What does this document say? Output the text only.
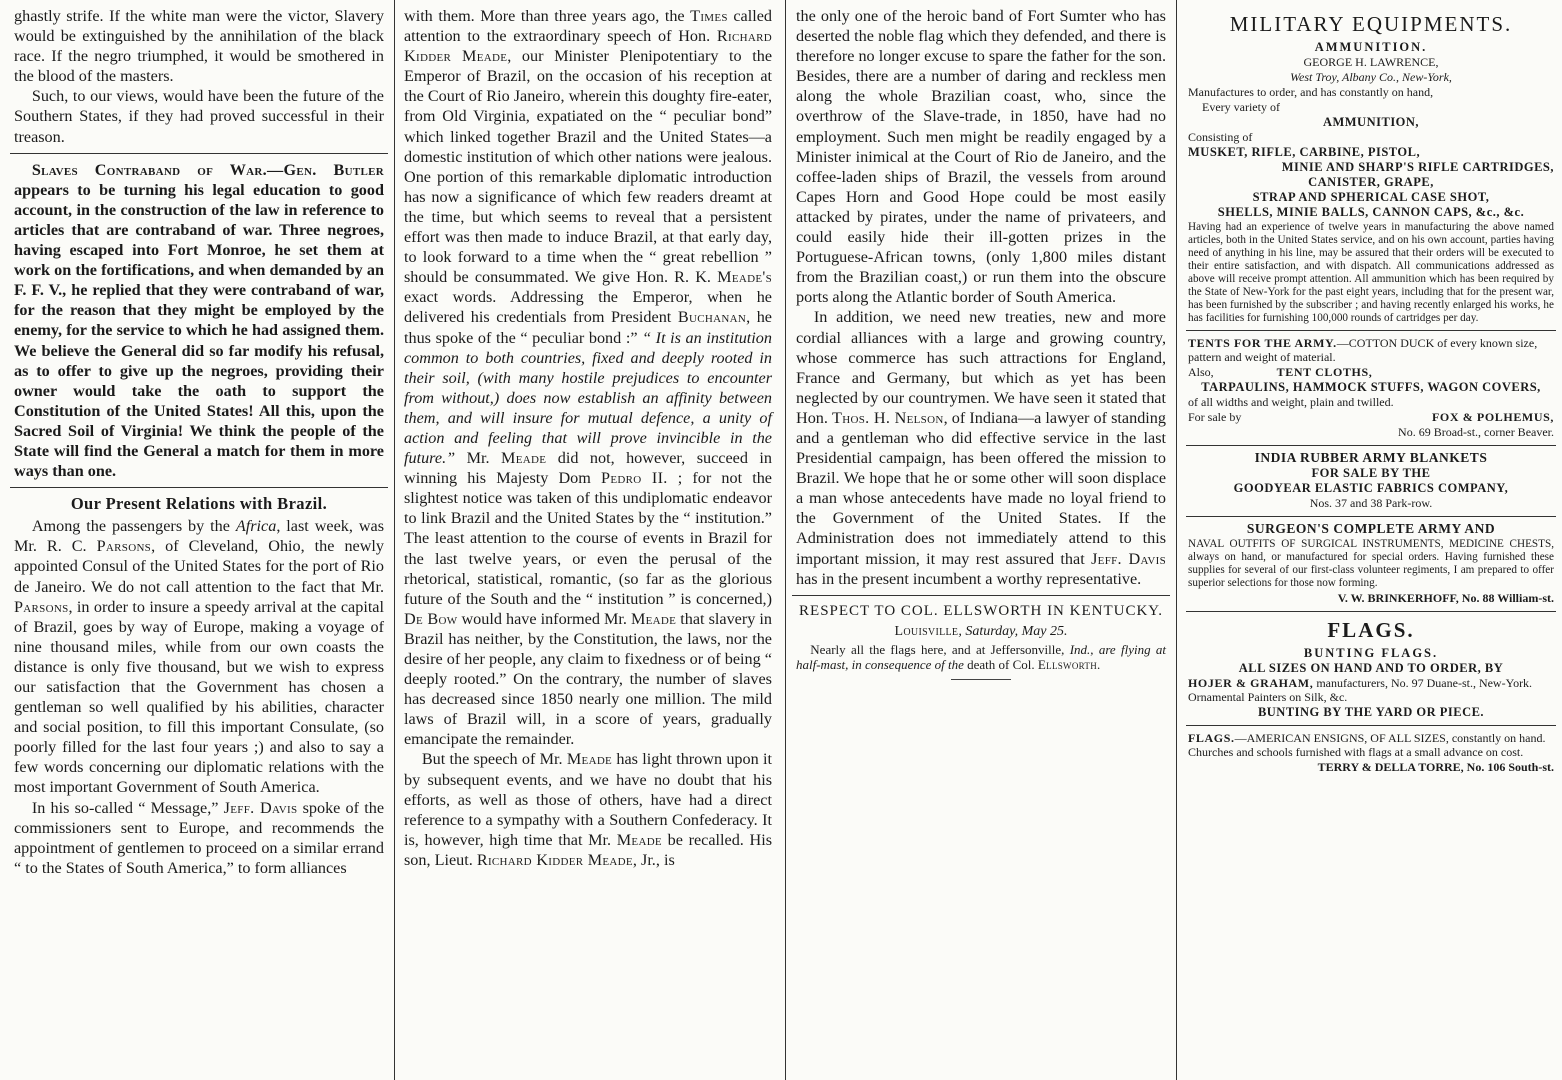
ghastly strife. If the white man were the victor, Slavery would be extinguished by the annihilation of the black race. If the negro triumphed, it would be smothered in the blood of the masters.

Such, to our views, would have been the future of the Southern States, if they had proved successful in their treason.

Slaves Contraband of War.—Gen. Butler appears to be turning his legal education to good account, in the construction of the law in reference to articles that are contraband of war. Three negroes, having escaped into Fort Monroe, he set them at work on the fortifications, and when demanded by an F. F. V., he replied that they were contraband of war, for the reason that they might be employed by the enemy, for the service to which he had assigned them. We believe the General did so far modify his refusal, as to offer to give up the negroes, providing their owner would take the oath to support the Constitution of the United States! All this, upon the Sacred Soil of Virginia! We think the people of the State will find the General a match for them in more ways than one.

Our Present Relations with Brazil.

Among the passengers by the Africa, last week, was Mr. R. C. Parsons, of Cleveland, Ohio, the newly appointed Consul of the United States for the port of Rio de Janeiro. We do not call attention to the fact that Mr. Parsons, in order to insure a speedy arrival at the capital of Brazil, goes by way of Europe, making a voyage of nine thousand miles, while from our own coasts the distance is only five thousand, but we wish to express our satisfaction that the Government has chosen a gentleman so well qualified by his abilities, character and social position, to fill this important Consulate, (so poorly filled for the last four years ;) and also to say a few words concerning our diplomatic relations with the most important Government of South America.

In his so-called “ Message,” Jeff. Davis spoke of the commissioners sent to Europe, and recommends the appointment of gentlemen to proceed on a similar errand “ to the States of South America,” to form alliances

with them. More than three years ago, the Times called attention to the extraordinary speech of Hon. Richard Kidder Meade, our Minister Plenipotentiary to the Emperor of Brazil, on the occasion of his reception at the Court of Rio Janeiro, wherein this doughty fire-eater, from Old Virginia, expatiated on the “ peculiar bond” which linked together Brazil and the United States—a domestic institution of which other nations were jealous. One portion of this remarkable diplomatic introduction has now a significance of which few readers dreamt at the time, but which seems to reveal that a persistent effort was then made to induce Brazil, at that early day, to look forward to a time when the “ great rebellion ” should be consummated. We give Hon. R. K. Meade's exact words. Addressing the Emperor, when he delivered his credentials from President Buchanan, he thus spoke of the “ peculiar bond :” “ It is an institution common to both countries, fixed and deeply rooted in their soil, (with many hostile prejudices to encounter from without,) does now establish an affinity between them, and will insure for mutual defence, a unity of action and feeling that will prove invincible in the future.” Mr. Meade did not, however, succeed in winning his Majesty Dom Pedro II. ; for not the slightest notice was taken of this undiplomatic endeavor to link Brazil and the United States by the “ institution.” The least attention to the course of events in Brazil for the last twelve years, or even the perusal of the rhetorical, statistical, romantic, (so far as the glorious future of the South and the “ institution ” is concerned,) De Bow would have informed Mr. Meade that slavery in Brazil has neither, by the Constitution, the laws, nor the desire of her people, any claim to fixedness or of being “ deeply rooted.” On the contrary, the number of slaves has decreased since 1850 nearly one million. The mild laws of Brazil will, in a score of years, gradually emancipate the remainder.

But the speech of Mr. Meade has light thrown upon it by subsequent events, and we have no doubt that his efforts, as well as those of others, have had a direct reference to a sympathy with a Southern Confederacy. It is, however, high time that Mr. Meade be recalled. His son, Lieut. Richard Kidder Meade, Jr., is

the only one of the heroic band of Fort Sumter who has deserted the noble flag which they defended, and there is therefore no longer excuse to spare the father for the son. Besides, there are a number of daring and reckless men along the whole Brazilian coast, who, since the overthrow of the Slave-trade, in 1850, have had no employment. Such men might be readily engaged by a Minister inimical at the Court of Rio de Janeiro, and the coffee-laden ships of Brazil, the vessels from around Capes Horn and Good Hope could be most easily attacked by pirates, under the name of privateers, and could easily hide their ill-gotten prizes in the Portuguese-African towns, (only 1,800 miles distant from the Brazilian coast,) or run them into the obscure ports along the Atlantic border of South America.

In addition, we need new treaties, new and more cordial alliances with a large and growing country, whose commerce has such attractions for England, France and Germany, but which as yet has been neglected by our countrymen. We have seen it stated that Hon. Thos. H. Nelson, of Indiana—a lawyer of standing and a gentleman who did effective service in the last Presidential campaign, has been offered the mission to Brazil. We hope that he or some other will soon displace a man whose antecedents have made no loyal friend to the Government of the United States. If the Administration does not immediately attend to this important mission, it may rest assured that Jeff. Davis has in the present incumbent a worthy representative.

RESPECT TO COL. ELLSWORTH IN KENTUCKY.
Louisville, Saturday, May 25.

Nearly all the flags here, and at Jeffersonville, Ind., are flying at half-mast, in consequence of the death of Col. Ellsworth.

MILITARY EQUIPMENTS.
AMMUNITION.
GEORGE H. LAWRENCE,
West Troy, Albany Co., New-York,
Manufactures to order, and has constantly on hand,
Every variety of
AMMUNITION,
Consisting of
MUSKET, RIFLE, CARBINE, PISTOL,
MINIE AND SHARP'S RIFLE CARTRIDGES,
CANISTER, GRAPE,
STRAP AND SPHERICAL CASE SHOT,
SHELLS, MINIE BALLS, CANNON CAPS, &c., &c.
Having had an experience of twelve years in manufacturing the above named articles, both in the United States service, and on his own account, parties having need of anything in his line, may be assured that their orders will be executed to their entire satisfaction, and with dispatch. All communications addressed as above will receive prompt attention. All ammunition which has been required by the State of New-York for the past eight years, including that for the present war, has been furnished by the subscriber ; and having recently enlarged his works, he has facilities for furnishing 100,000 rounds of cartridges per day.
TENTS FOR THE ARMY.—COTTON DUCK of every known size, pattern and weight of material.
Also,	TENT CLOTHS,
TARPAULINS, HAMMOCK STUFFS, WAGON COVERS,
of all widths and weight, plain and twilled.
For sale by	FOX & POLHEMUS,
No. 69 Broad-st., corner Beaver.
INDIA RUBBER ARMY BLANKETS
FOR SALE BY THE
GOODYEAR ELASTIC FABRICS COMPANY,
Nos. 37 and 38 Park-row.
SURGEON'S COMPLETE ARMY AND
NAVAL OUTFITS OF SURGICAL INSTRUMENTS, MEDICINE CHESTS, always on hand, or manufactured for special orders. Having furnished these supplies for several of our first-class volunteer regiments, I am prepared to offer superior selections for those now forming.
V. W. BRINKERHOFF, No. 88 William-st.
FLAGS.
BUNTING FLAGS.
ALL SIZES ON HAND AND TO ORDER, BY
HOJER & GRAHAM, manufacturers, No. 97 Duane-st., New-York. Ornamental Painters on Silk, &c.
BUNTING BY THE YARD OR PIECE.
FLAGS.—AMERICAN ENSIGNS, OF ALL SIZES, constantly on hand. Churches and schools furnished with flags at a small advance on cost.
TERRY & DELLA TORRE, No. 106 South-st.
